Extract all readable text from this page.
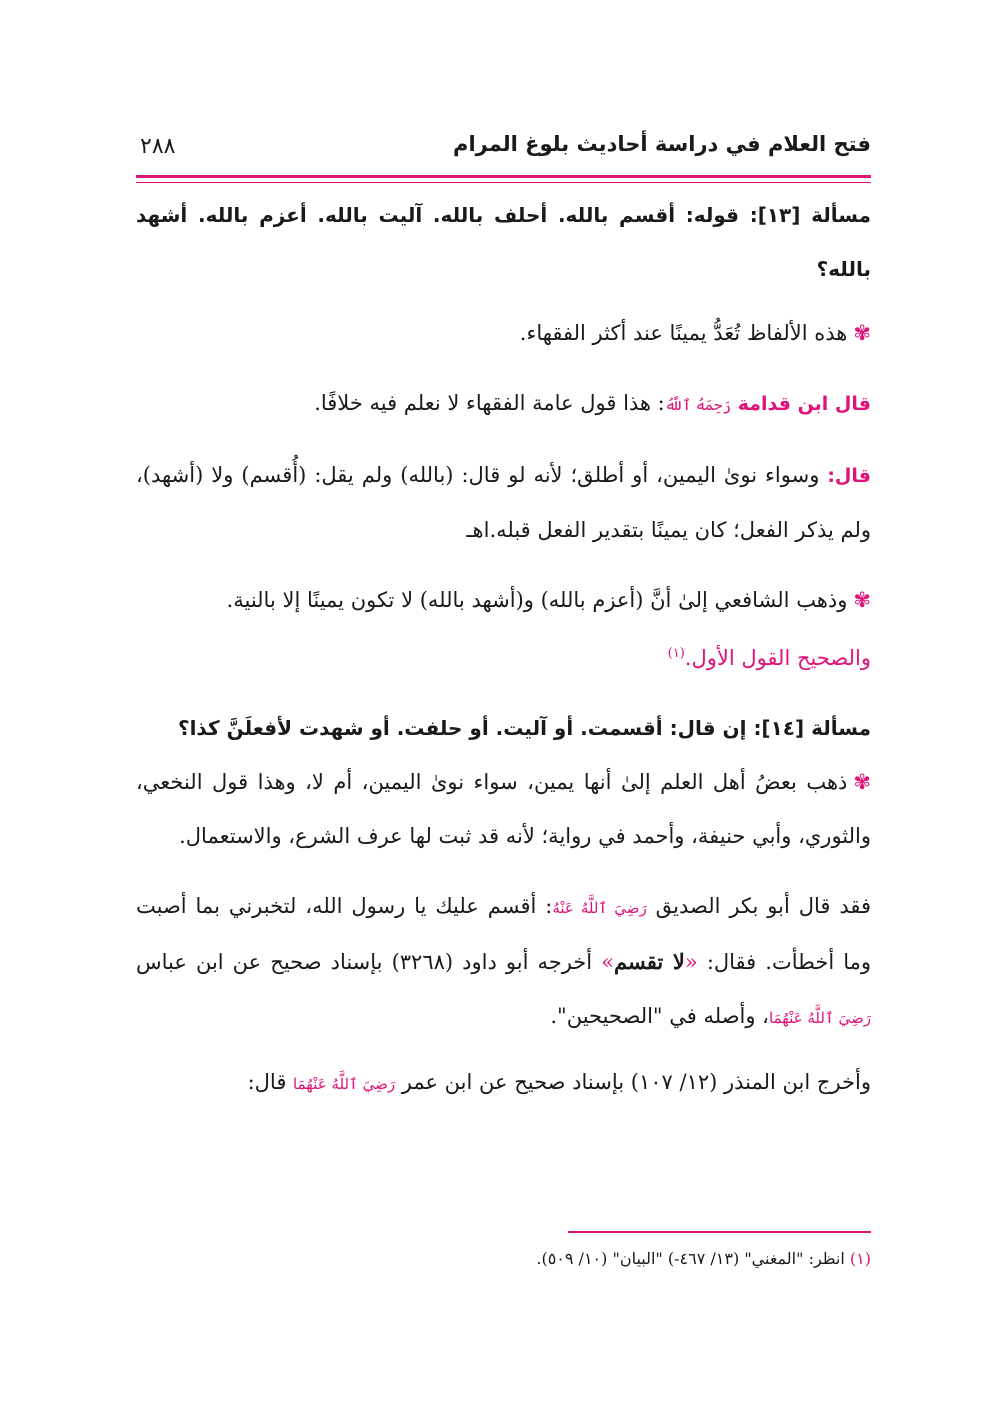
فتح العلام في دراسة أحاديث بلوغ المرام
٢٨٨

مسألة [١٣]: قوله: أقسم بالله. أحلف بالله. آليت بالله. أعزم بالله. أشهد بالله؟

✾هذه الألفاظ تُعَدُّ يمينًا عند أكثر الفقهاء.

قال ابن قدامة رَحِمَهُ ٱللَّهُ: هذا قول عامة الفقهاء لا نعلم فيه خلافًا.

قال: وسواء نوىٰ اليمين، أو أطلق؛ لأنه لو قال: (بالله) ولم يقل: (أُقسم) ولا (أشهد)، ولم يذكر الفعل؛ كان يمينًا بتقدير الفعل قبله.اهـ

✾وذهب الشافعي إلىٰ أنَّ (أعزم بالله) و(أشهد بالله) لا تكون يمينًا إلا بالنية.
والصحيح القول الأول.$^{(١)}$

مسألة [١٤]: إن قال: أقسمت. أو آليت. أو حلفت. أو شهدت لأفعلَنَّ كذا؟

✾ذهب بعضُ أهل العلم إلىٰ أنها يمين، سواء نوىٰ اليمين، أم لا، وهذا قول النخعي، والثوري، وأبي حنيفة، وأحمد في رواية؛ لأنه قد ثبت لها عرف الشرع، والاستعمال.

فقد قال أبو بكر الصديق رَضِيَ ٱللَّهُ عَنْهُ: أقسم عليك يا رسول الله، لتخبرني بما أصبت وما أخطأت. فقال: «لا تقسم» أخرجه أبو داود (٣٢٦٨) بإسناد صحيح عن ابن عباس رَضِيَ ٱللَّهُ عَنْهُمَا، وأصله في "الصحيحين".

وأخرج ابن المنذر (١٢/ ١٠٧) بإسناد صحيح عن ابن عمر رَضِيَ ٱللَّهُ عَنْهُمَا قال:

(١) انظر: "المغني" (١٣/ ٤٦٧-) "البيان" (١٠/ ٥٠٩).
